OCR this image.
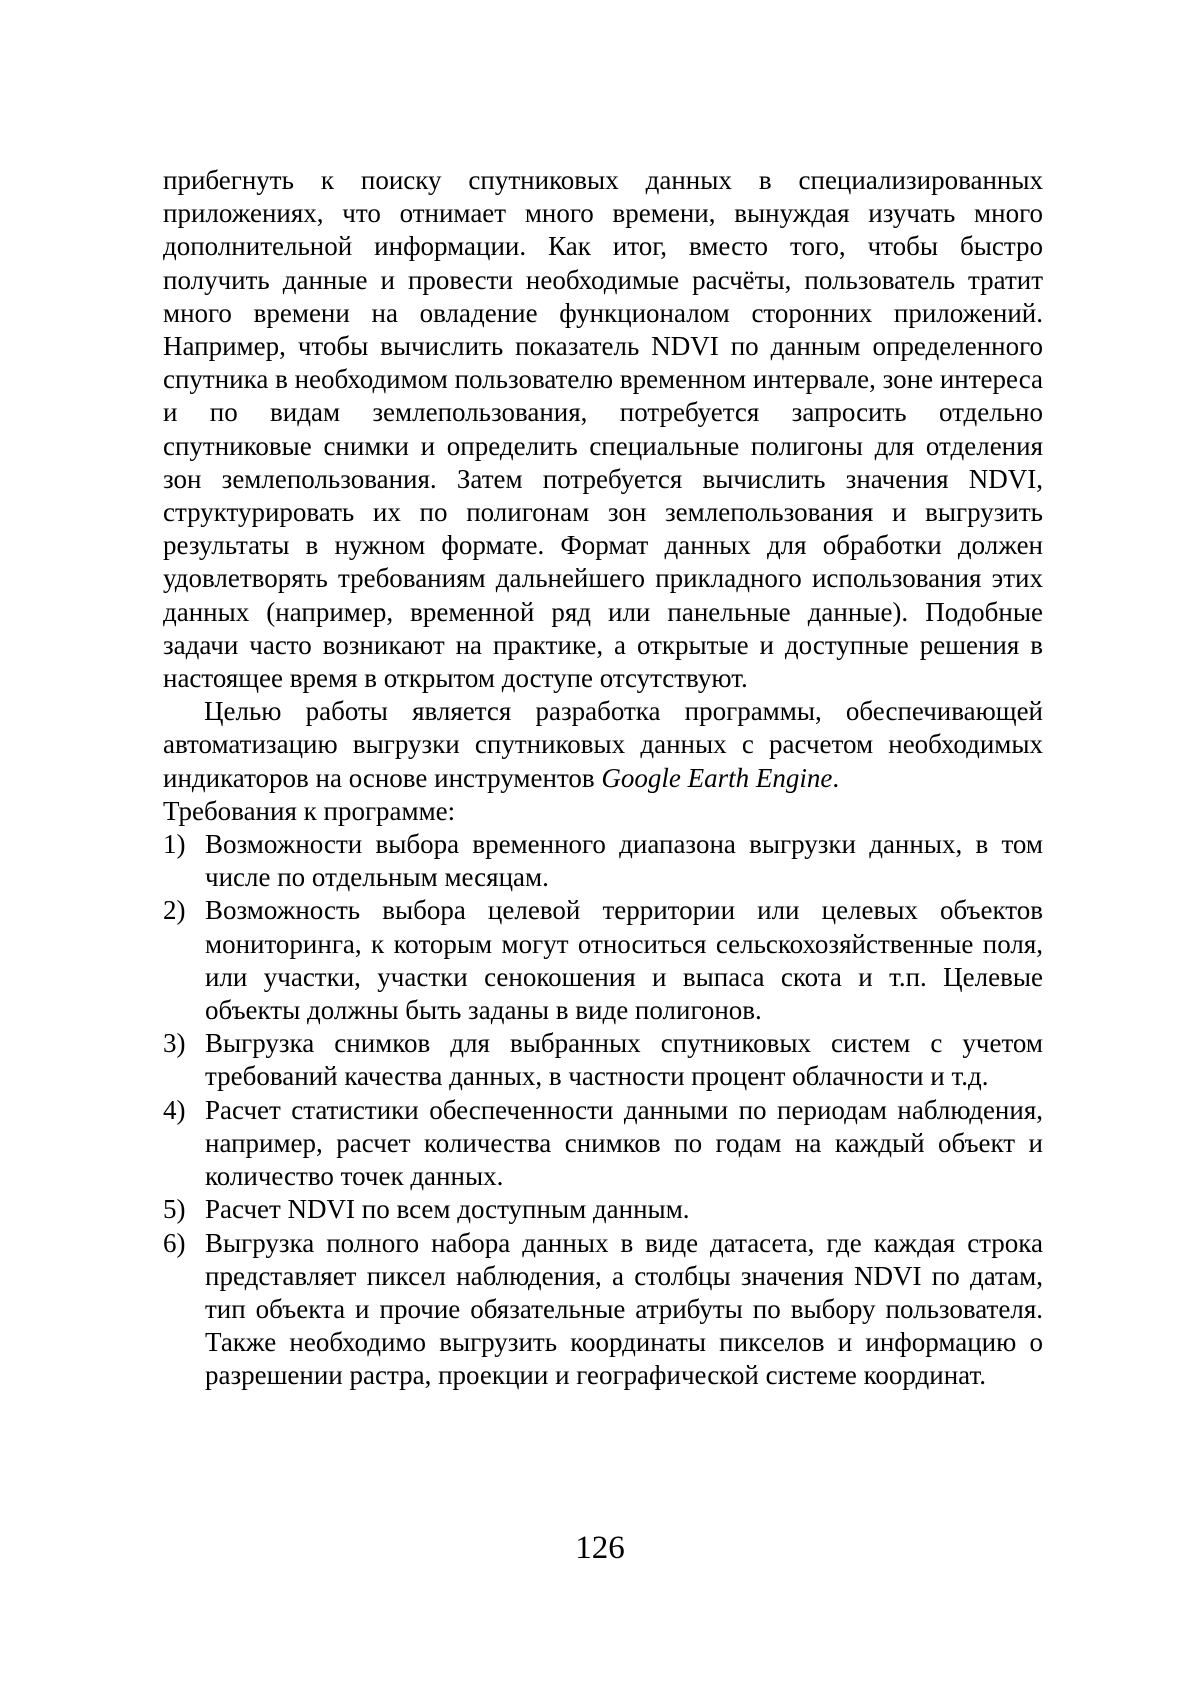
прибегнуть к поиску спутниковых данных в специализированных приложениях, что отнимает много времени, вынуждая изучать много дополнительной информации. Как итог, вместо того, чтобы быстро получить данные и провести необходимые расчёты, пользователь тратит много времени на овладение функционалом сторонних приложений. Например, чтобы вычислить показатель NDVI по данным определенного спутника в необходимом пользователю временном интервале, зоне интереса и по видам землепользования, потребуется запросить отдельно спутниковые снимки и определить специальные полигоны для отделения зон землепользования. Затем потребуется вычислить значения NDVI, структурировать их по полигонам зон землепользования и выгрузить результаты в нужном формате. Формат данных для обработки должен удовлетворять требованиям дальнейшего прикладного использования этих данных (например, временной ряд или панельные данные). Подобные задачи часто возникают на практике, а открытые и доступные решения в настоящее время в открытом доступе отсутствуют.

Целью работы является разработка программы, обеспечивающей автоматизацию выгрузки спутниковых данных с расчетом необходимых индикаторов на основе инструментов Google Earth Engine.

Требования к программе:

1) Возможности выбора временного диапазона выгрузки данных, в том числе по отдельным месяцам.
2) Возможность выбора целевой территории или целевых объектов мониторинга, к которым могут относиться сельскохозяйственные поля, или участки, участки сенокошения и выпаса скота и т.п. Целевые объекты должны быть заданы в виде полигонов.
3) Выгрузка снимков для выбранных спутниковых систем с учетом требований качества данных, в частности процент облачности и т.д.
4) Расчет статистики обеспеченности данными по периодам наблюдения, например, расчет количества снимков по годам на каждый объект и количество точек данных.
5) Расчет NDVI по всем доступным данным.
6) Выгрузка полного набора данных в виде датасета, где каждая строка представляет пиксел наблюдения, а столбцы значения NDVI по датам, тип объекта и прочие обязательные атрибуты по выбору пользователя. Также необходимо выгрузить координаты пикселов и информацию о разрешении растра, проекции и географической системе координат.
126
